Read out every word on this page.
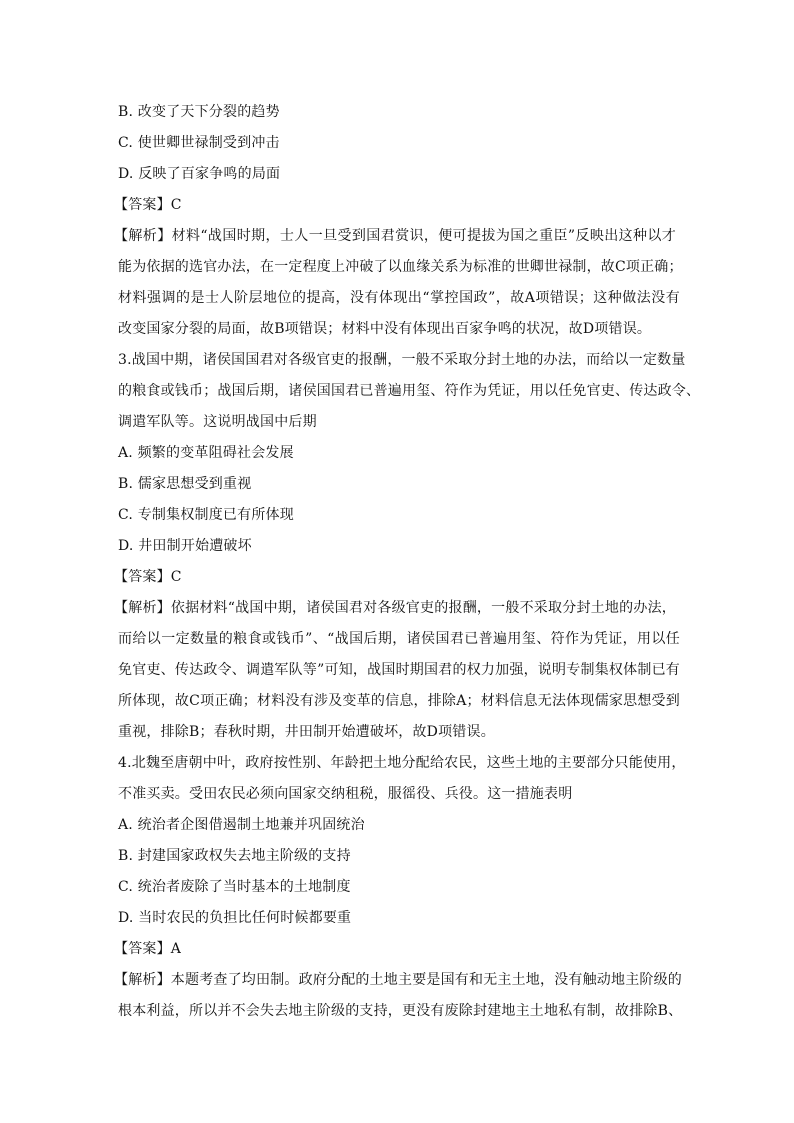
B. 改变了天下分裂的趋势
C. 使世卿世禄制受到冲击
D. 反映了百家争鸣的局面
【答案】C
【解析】材料“战国时期，士人一旦受到国君赏识，便可提拔为国之重臣”反映出这种以才
能为依据的选官办法，在一定程度上冲破了以血缘关系为标准的世卿世禄制，故C项正确；
材料强调的是士人阶层地位的提高，没有体现出“掌控国政”，故A项错误；这种做法没有
改变国家分裂的局面，故B项错误；材料中没有体现出百家争鸣的状况，故D项错误。
3.战国中期，诸侯国国君对各级官吏的报酬，一般不采取分封土地的办法，而给以一定数量
的粮食或钱币；战国后期，诸侯国国君已普遍用玺、符作为凭证，用以任免官吏、传达政令、
调遣军队等。这说明战国中后期
A. 频繁的变革阻碍社会发展
B. 儒家思想受到重视
C. 专制集权制度已有所体现
D. 井田制开始遭破坏
【答案】C
【解析】依据材料“战国中期，诸侯国君对各级官吏的报酬，一般不采取分封土地的办法，
而给以一定数量的粮食或钱币”、“战国后期，诸侯国君已普遍用玺、符作为凭证，用以任
免官吏、传达政令、调遣军队等”可知，战国时期国君的权力加强，说明专制集权体制已有
所体现，故C项正确；材料没有涉及变革的信息，排除A；材料信息无法体现儒家思想受到
重视，排除B；春秋时期，井田制开始遭破坏，故D项错误。
4.北魏至唐朝中叶，政府按性别、年龄把土地分配给农民，这些土地的主要部分只能使用，
不准买卖。受田农民必须向国家交纳租税，服徭役、兵役。这一措施表明
A. 统治者企图借遏制土地兼并巩固统治
B. 封建国家政权失去地主阶级的支持
C. 统治者废除了当时基本的土地制度
D. 当时农民的负担比任何时候都要重
【答案】A
【解析】本题考查了均田制。政府分配的土地主要是国有和无主土地，没有触动地主阶级的
根本利益，所以并不会失去地主阶级的支持，更没有废除封建地主土地私有制，故排除B、
